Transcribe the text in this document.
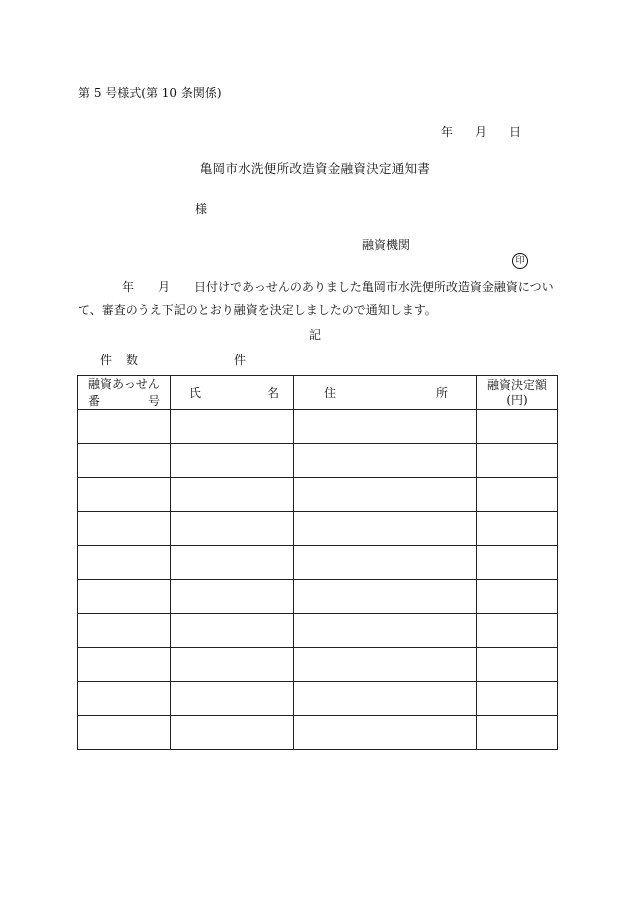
第 5 号様式(第 10 条関係)
年 月 日
亀岡市水洗便所改造資金融資決定通知書
様
融資機関
印
年 月 日付けであっせんのありました亀岡市水洗便所改造資金融資につい
て、審査のうえ下記のとおり融資を決定しましたので通知します。
記
件 数	件
融資あっせん
番 号	氏 名	住 所	融資決定額
(円)
